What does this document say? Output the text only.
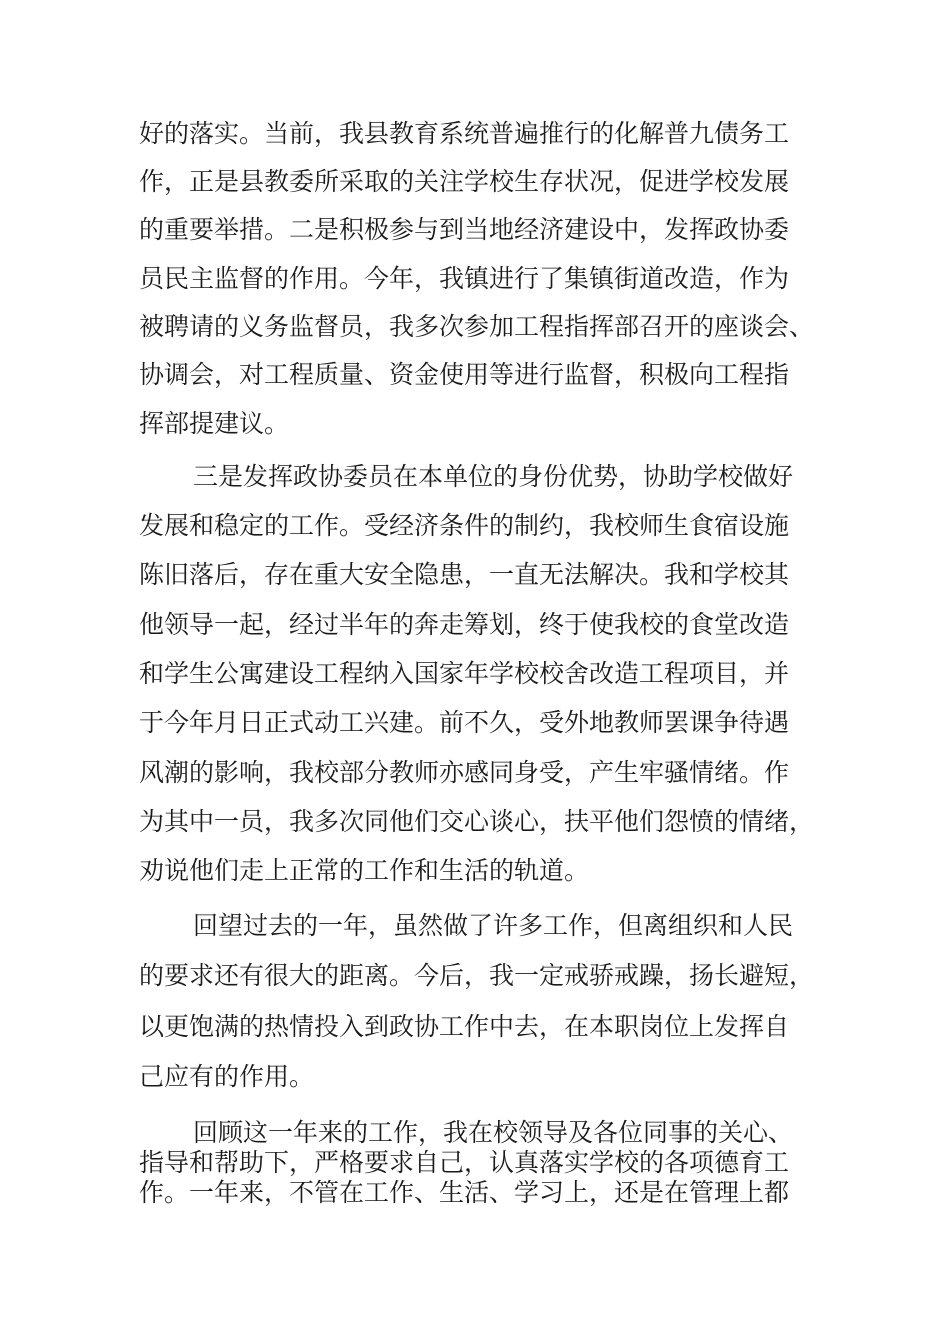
好的落实。当前，我县教育系统普遍推行的化解普九债务工

作，正是县教委所采取的关注学校生存状况，促进学校发展

的重要举措。二是积极参与到当地经济建设中，发挥政协委

员民主监督的作用。今年，我镇进行了集镇街道改造，作为

被聘请的义务监督员，我多次参加工程指挥部召开的座谈会、

协调会，对工程质量、资金使用等进行监督，积极向工程指

挥部提建议。

三是发挥政协委员在本单位的身份优势，协助学校做好

发展和稳定的工作。受经济条件的制约，我校师生食宿设施

陈旧落后，存在重大安全隐患，一直无法解决。我和学校其

他领导一起，经过半年的奔走筹划，终于使我校的食堂改造

和学生公寓建设工程纳入国家年学校校舍改造工程项目，并

于今年月日正式动工兴建。前不久，受外地教师罢课争待遇

风潮的影响，我校部分教师亦感同身受，产生牢骚情绪。作

为其中一员，我多次同他们交心谈心，扶平他们怨愤的情绪，

劝说他们走上正常的工作和生活的轨道。

回望过去的一年，虽然做了许多工作，但离组织和人民

的要求还有很大的距离。今后，我一定戒骄戒躁，扬长避短，

以更饱满的热情投入到政协工作中去，在本职岗位上发挥自

己应有的作用。

回顾这一年来的工作，我在校领导及各位同事的关心、

指导和帮助下，严格要求自己，认真落实学校的各项德育工

作。一年来，不管在工作、生活、学习上，还是在管理上都
